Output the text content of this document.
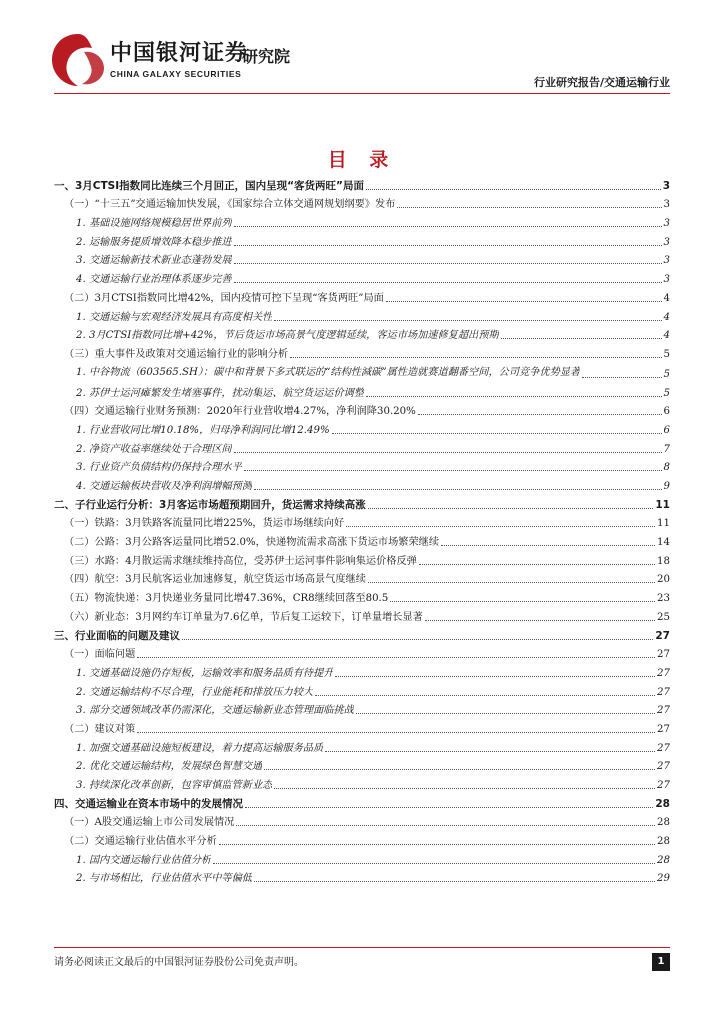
中国银河证券
CHINA GALAXY SECURITIES
研究院
行业研究报告/交通运输行业
目 录
一、3月CTSI指数同比连续三个月回正，国内呈现“客货两旺”局面	3
（一）“十三五”交通运输加快发展，《国家综合立体交通网规划纲要》发布	3
1. 基础设施网络规模稳居世界前列	3
2. 运输服务提质增效降本稳步推进	3
3. 交通运输新技术新业态蓬勃发展	3
4. 交通运输行业治理体系逐步完善	3
（二）3月CTSI指数同比增42%，国内疫情可控下呈现“客货两旺”局面	4
1. 交通运输与宏观经济发展具有高度相关性	4
2. 3月CTSI指数同比增+42%，节后货运市场高景气度逻辑延续，客运市场加速修复超出预期	4
（三）重大事件及政策对交通运输行业的影响分析	5
1. 中谷物流（603565.SH）：碳中和背景下多式联运的“结构性減碳”属性造就赛道翻番空间，公司竞争优势显著	5
2. 苏伊士运河瘫繁发生堵塞事件，扰动集运、航空货运运价调整	5
（四）交通运输行业财务预测：2020年行业营收增4.27%，净利润降30.20%	6
1. 行业营收同比增10.18%，归母净利润同比增12.49%	6
2. 净资产收益率继续处于合理区间	7
3. 行业资产负债结构仍保持合理水平	8
4. 交通运输板块营收及净利润增幅预测	9
二、子行业运行分析：3月客运市场超预期回升，货运需求持续高涨	11
（一）铁路：3月铁路客流量同比增225%，货运市场继续向好	11
（二）公路：3月公路客运量同比增52.0%，快递物流需求高涨下货运市场繁荣继续	14
（三）水路：4月散运需求继续维持高位，受苏伊士运河事件影响集运价格反弹	18
（四）航空：3月民航客运业加速修复，航空货运市场高景气度继续	20
（五）物流快递：3月快递业务量同比增47.36%，CR8继续回落至80.5	23
（六）新业态：3月网约车订单量为7.6亿单，节后复工运较下，订单量增长显著	25
三、行业面临的问题及建议	27
（一）面临问题	27
1. 交通基础设施仍存短板，运输效率和服务品质有待提升	27
2. 交通运输结构不尽合理，行业能耗和排放压力较大	27
3. 部分交通领域改革仍需深化，交通运输新业态管理面临挑战	27
（二）建议对策	27
1. 加强交通基础设施短板建设，着力提高运输服务品质	27
2. 优化交通运输结构，发展绿色智慧交通	27
3. 持续深化改革创新，包容审慎监管新业态	27
四、交通运输业在资本市场中的发展情况	28
（一）A股交通运输上市公司发展情况	28
（二）交通运输行业估值水平分析	28
1. 国内交通运输行业估值分析	28
2. 与市场相比，行业估值水平中等偏低	29
请务必阅读正文最后的中国银河证券股份公司免责声明。	1
